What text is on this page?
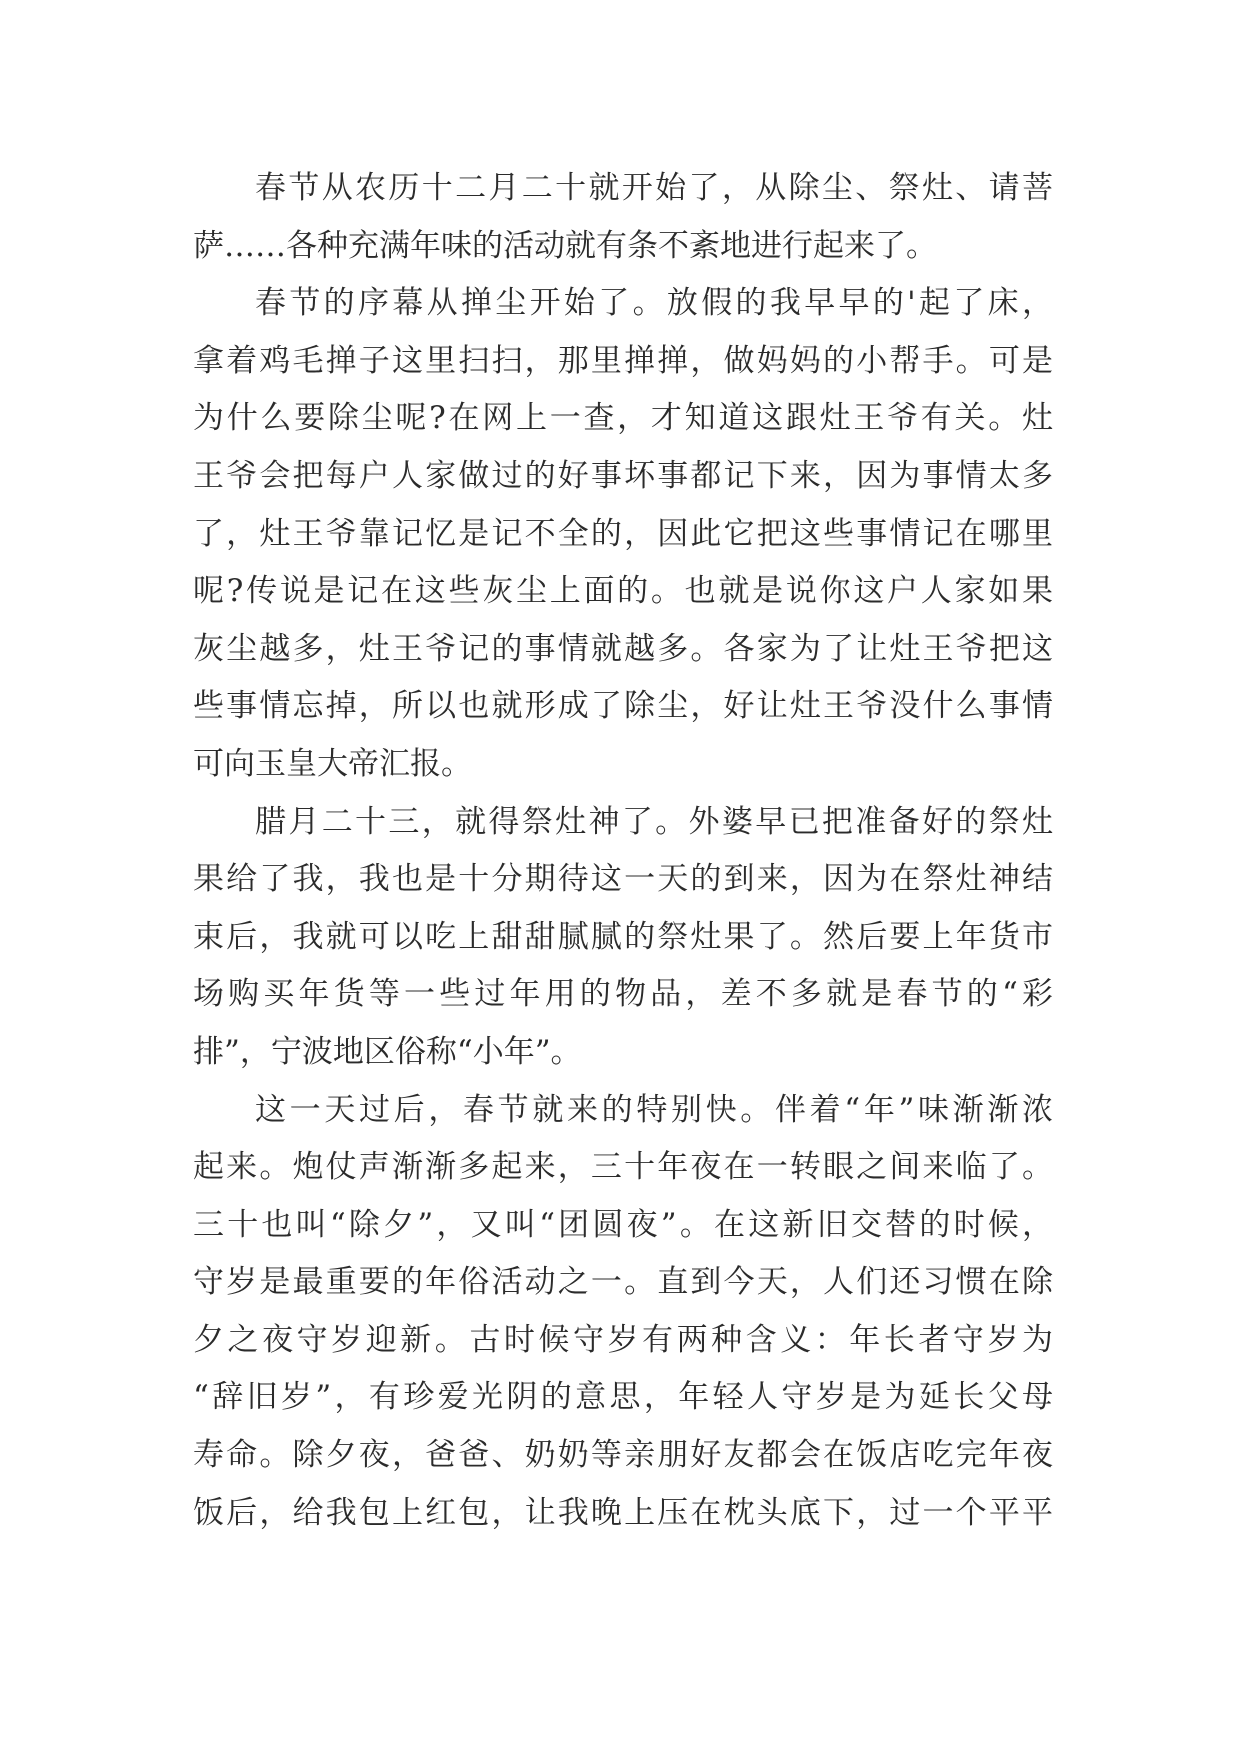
春节从农历十二月二十就开始了，从除尘、祭灶、请菩
萨……各种充满年味的活动就有条不紊地进行起来了。
春节的序幕从掸尘开始了。放假的我早早的'起了床，
拿着鸡毛掸子这里扫扫，那里掸掸，做妈妈的小帮手。可是
为什么要除尘呢?在网上一查，才知道这跟灶王爷有关。灶
王爷会把每户人家做过的好事坏事都记下来，因为事情太多
了，灶王爷靠记忆是记不全的，因此它把这些事情记在哪里
呢?传说是记在这些灰尘上面的。也就是说你这户人家如果
灰尘越多，灶王爷记的事情就越多。各家为了让灶王爷把这
些事情忘掉，所以也就形成了除尘，好让灶王爷没什么事情
可向玉皇大帝汇报。
腊月二十三，就得祭灶神了。外婆早已把准备好的祭灶
果给了我，我也是十分期待这一天的到来，因为在祭灶神结
束后，我就可以吃上甜甜腻腻的祭灶果了。然后要上年货市
场购买年货等一些过年用的物品，差不多就是春节的“彩
排”，宁波地区俗称“小年”。
这一天过后，春节就来的特别快。伴着“年”味渐渐浓
起来。炮仗声渐渐多起来，三十年夜在一转眼之间来临了。
三十也叫“除夕”，又叫“团圆夜”。在这新旧交替的时候，
守岁是最重要的年俗活动之一。直到今天，人们还习惯在除
夕之夜守岁迎新。古时候守岁有两种含义：年长者守岁为
“辞旧岁”，有珍爱光阴的意思，年轻人守岁是为延长父母
寿命。除夕夜，爸爸、奶奶等亲朋好友都会在饭店吃完年夜
饭后，给我包上红包，让我晚上压在枕头底下，过一个平平
